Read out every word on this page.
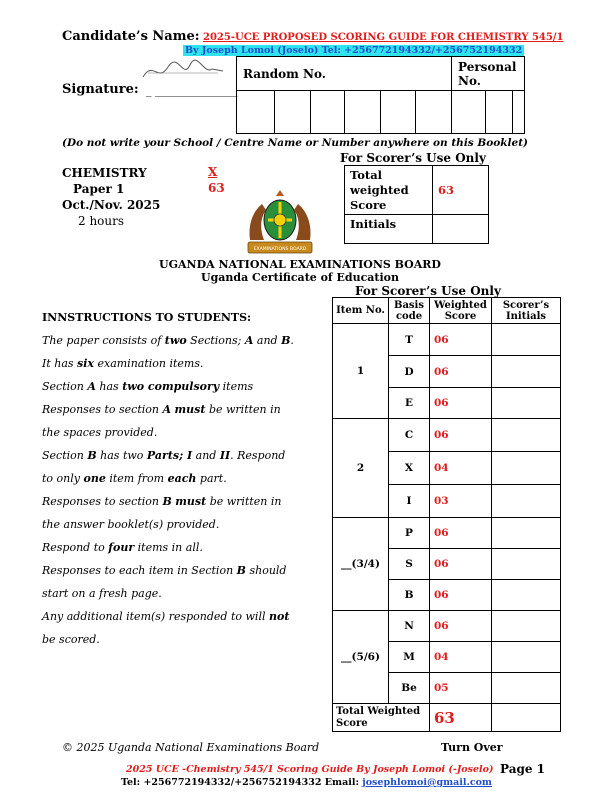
Candidate’s Name: 2025-UCE PROPOSED SCORING GUIDE FOR CHEMISTRY 545/1
By Joseph Lomoi (Joselo) Tel: +256772194332/+256752194332
Signature: _ _______________
Random No.						Personal No.		

(Do not write your School / Centre Name or Number anywhere on this Booklet)
For Scorer’s Use Only
Total
weighted
Score	63
Initials	
CHEMISTRY
Paper 1
Oct./Nov. 2025
2 hours
X
63
EXAMINATIONS BOARD
UGANDA NATIONAL EXAMINATIONS BOARD
Uganda Certificate of Education
INNSTRUCTIONS TO STUDENTS:

The paper consists of two Sections; A and B.

It has six examination items.

Section A has two compulsory items

Responses to section A must be written in

the spaces provided.

Section B has two Parts; I and II. Respond

to only one item from each part.

Responses to section B must be written in

the answer booklet(s) provided.

Respond to four items in all.

Responses to each item in Section B should

start on a fresh page.

Any additional item(s) responded to will not

be scored.

For Scorer’s Use Only
Item No.	Basis code	Weighted Score	Scorer’s Initials
1	T	06	
	D	06	
	E	06	
2	C	06	
	X	04	
	I	03	
__(3/4)	P	06	
	S	06	
	B	06	
__(5/6)	N	06	
	M	04	
	Be	05	
Total Weighted Score		63	
© 2025 Uganda National Examinations Board	Turn Over
2025 UCE -Chemistry 545/1 Scoring Guide By Joseph Lomoi (-Joselo)
Tel: +256772194332/+256752194332 Email: josephlomoi@gmail.com
Page 1
